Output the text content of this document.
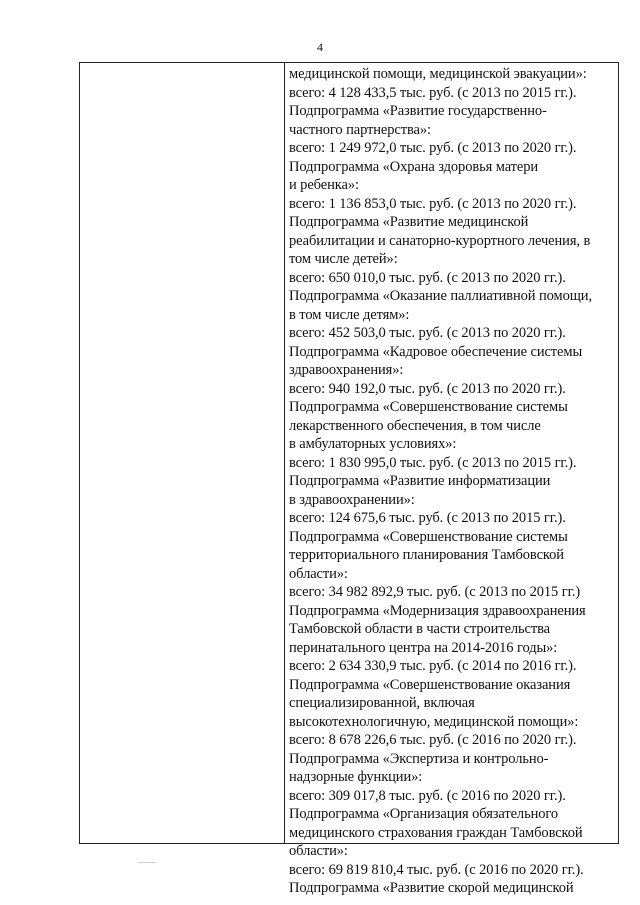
4
медицинской помощи, медицинской эвакуации»:
всего: 4 128 433,5 тыс. руб. (с 2013 по 2015 гг.).
Подпрограмма «Развитие государственно-
частного партнерства»:
всего: 1 249 972,0 тыс. руб. (с 2013 по 2020 гг.).
Подпрограмма «Охрана здоровья матери
и ребенка»:
всего: 1 136 853,0 тыс. руб. (с 2013 по 2020 гг.).
Подпрограмма «Развитие медицинской
реабилитации и санаторно-курортного лечения, в
том числе детей»:
всего: 650 010,0 тыс. руб. (с 2013 по 2020 гг.).
Подпрограмма «Оказание паллиативной помощи,
в том числе детям»:
всего: 452 503,0 тыс. руб. (с 2013 по 2020 гг.).
Подпрограмма «Кадровое обеспечение системы
здравоохранения»:
всего: 940 192,0 тыс. руб. (с 2013 по 2020 гг.).
Подпрограмма «Совершенствование системы
лекарственного обеспечения, в том числе
в амбулаторных условиях»:
всего: 1 830 995,0 тыс. руб. (с 2013 по 2015 гг.).
Подпрограмма «Развитие информатизации
в здравоохранении»:
всего: 124 675,6 тыс. руб. (с 2013 по 2015 гг.).
Подпрограмма «Совершенствование системы
территориального планирования Тамбовской
области»:
всего: 34 982 892,9 тыс. руб. (с 2013 по 2015 гг.)
Подпрограмма «Модернизация здравоохранения
Тамбовской области в части строительства
перинатального центра на 2014-2016 годы»:
всего: 2 634 330,9 тыс. руб. (с 2014 по 2016 гг.).
Подпрограмма «Совершенствование оказания
специализированной, включая
высокотехнологичную, медицинской помощи»:
всего: 8 678 226,6 тыс. руб. (с 2016 по 2020 гг.).
Подпрограмма «Экспертиза и контрольно-
надзорные функции»:
всего: 309 017,8 тыс. руб. (с 2016 по 2020 гг.).
Подпрограмма «Организация обязательного
медицинского страхования граждан Тамбовской
области»:
всего: 69 819 810,4 тыс. руб. (с 2016 по 2020 гг.).
Подпрограмма «Развитие скорой медицинской
